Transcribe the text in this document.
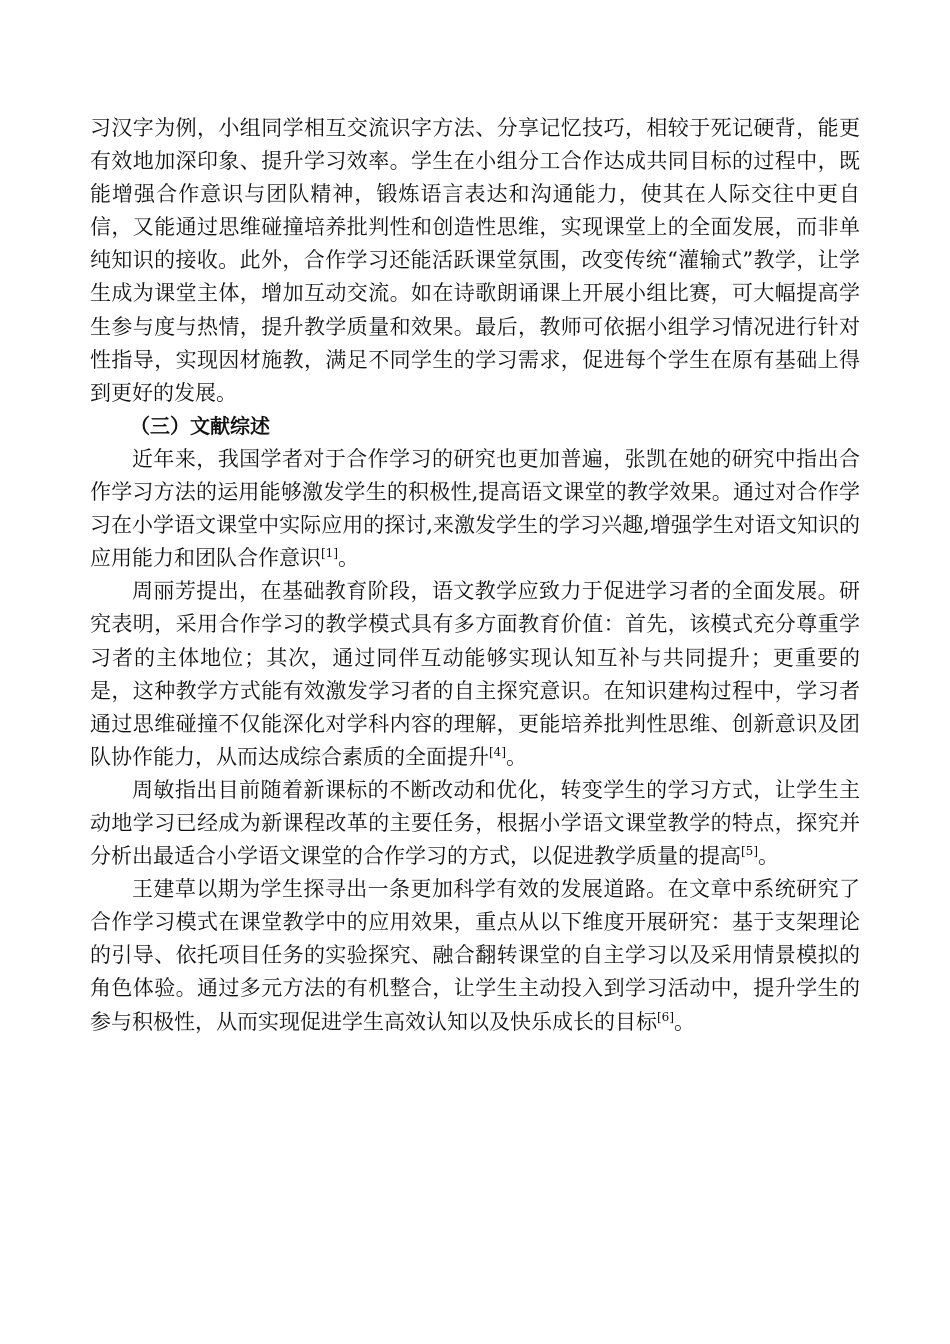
习汉字为例，小组同学相互交流识字方法、分享记忆技巧，相较于死记硬背，能更有效地加深印象、提升学习效率。学生在小组分工合作达成共同目标的过程中，既能增强合作意识与团队精神，锻炼语言表达和沟通能力，使其在人际交往中更自信，又能通过思维碰撞培养批判性和创造性思维，实现课堂上的全面发展，而非单纯知识的接收。此外，合作学习还能活跃课堂氛围，改变传统“灌输式”教学，让学生成为课堂主体，增加互动交流。如在诗歌朗诵课上开展小组比赛，可大幅提高学生参与度与热情，提升教学质量和效果。最后，教师可依据小组学习情况进行针对性指导，实现因材施教，满足不同学生的学习需求，促进每个学生在原有基础上得到更好的发展。

（三）文献综述

近年来，我国学者对于合作学习的研究也更加普遍，张凯在她的研究中指出合作学习方法的运用能够激发学生的积极性,提高语文课堂的教学效果。通过对合作学习在小学语文课堂中实际应用的探讨,来激发学生的学习兴趣,增强学生对语文知识的应用能力和团队合作意识[1]。

周丽芳提出，在基础教育阶段，语文教学应致力于促进学习者的全面发展。研究表明，采用合作学习的教学模式具有多方面教育价值：首先，该模式充分尊重学习者的主体地位；其次，通过同伴互动能够实现认知互补与共同提升；更重要的是，这种教学方式能有效激发学习者的自主探究意识。在知识建构过程中，学习者通过思维碰撞不仅能深化对学科内容的理解，更能培养批判性思维、创新意识及团队协作能力，从而达成综合素质的全面提升[4]。

周敏指出目前随着新课标的不断改动和优化，转变学生的学习方式，让学生主动地学习已经成为新课程改革的主要任务，根据小学语文课堂教学的特点，探究并分析出最适合小学语文课堂的合作学习的方式，以促进教学质量的提高[5]。

王建草以期为学生探寻出一条更加科学有效的发展道路。在文章中系统研究了合作学习模式在课堂教学中的应用效果，重点从以下维度开展研究：基于支架理论的引导、依托项目任务的实验探究、融合翻转课堂的自主学习以及采用情景模拟的角色体验。通过多元方法的有机整合，让学生主动投入到学习活动中，提升学生的参与积极性，从而实现促进学生高效认知以及快乐成长的目标[6]。
